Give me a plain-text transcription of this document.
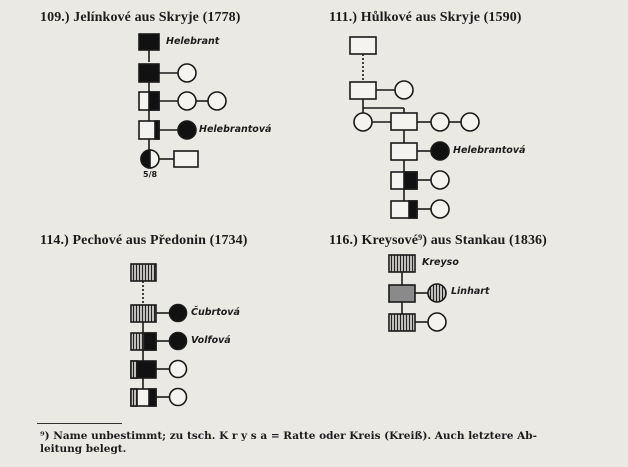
109.) Jelínkové aus Skryje (1778)	111.) Hůlkové aus Skryje (1590)
114.) Pechové aus Předonin (1734)	116.) Kreysové⁹) aus Stankau (1836)
Helebrant
Helebrantová
5/8
Helebrantová
Čubrtová
Volfová
Kreyso
Linhart
⁹) Name unbestimmt; zu tsch. K r y s a = Ratte oder Kreis (Kreiß). Auch letztere Ab-
leitung belegt.
